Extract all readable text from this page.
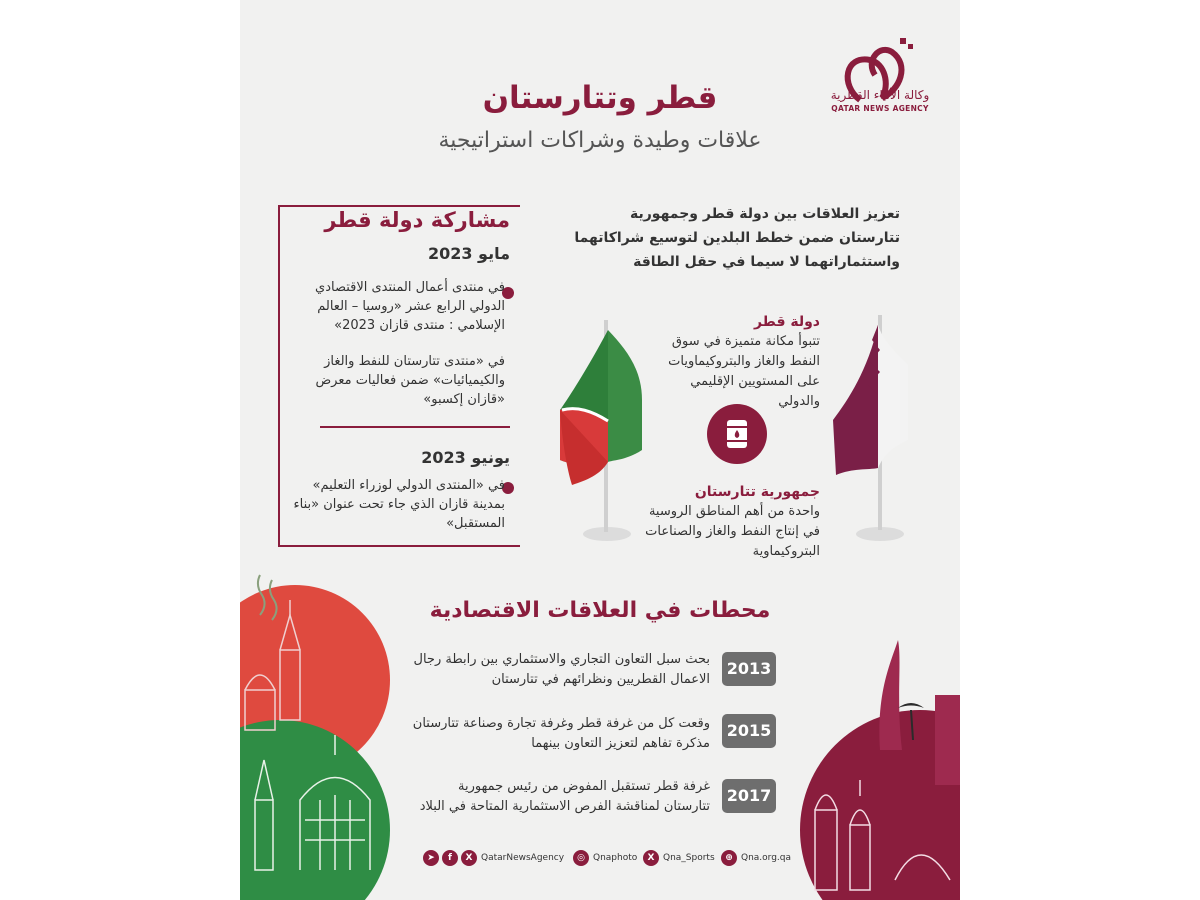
وكالة الأنباء القطرية
QATAR NEWS AGENCY
قطر وتتارستان
علاقات وطيدة وشراكات استراتيجية
مشاركة دولة قطر
مايو 2023
في منتدى أعمال المنتدى الاقتصادي الدولي الرابع عشر «روسيا – العالم الإسلامي : منتدى قازان 2023»
في «منتدى تتارستان للنفط والغاز والكيميائيات» ضمن فعاليات معرض «قازان إكسبو»
يونيو 2023
في «المنتدى الدولي لوزراء التعليم» بمدينة قازان الذي جاء تحت عنوان «بناء المستقبل»
تعزيز العلاقات بين دولة قطر وجمهورية تتارستان ضمن خطط البلدين لتوسيع شراكاتهما واستثماراتهما لا سيما في حقل الطاقة
دولة قطر
تتبوأ مكانة متميزة في سوق النفط والغاز والبتروكيماويات على المستويين الإقليمي والدولي
جمهورية تتارستان
واحدة من أهم المناطق الروسية في إنتاج النفط والغاز والصناعات البتروكيماوية
محطات في العلاقات الاقتصادية
بحث سبل التعاون التجاري والاستثماري بين رابطة رجال الاعمال القطريين ونظرائهم في تتارستان
2013
وقعت كل من غرفة قطر وغرفة تجارة وصناعة تتارستان مذكرة تفاهم لتعزيز التعاون بينهما
2015
غرفة قطر تستقبل المفوض من رئيس جمهورية تتارستان لمناقشة الفرص الاستثمارية المتاحة في البلاد
2017
➤	f	X QatarNewsAgency	◎ Qnaphoto	X Qna_Sports	⊕ Qna.org.qa
